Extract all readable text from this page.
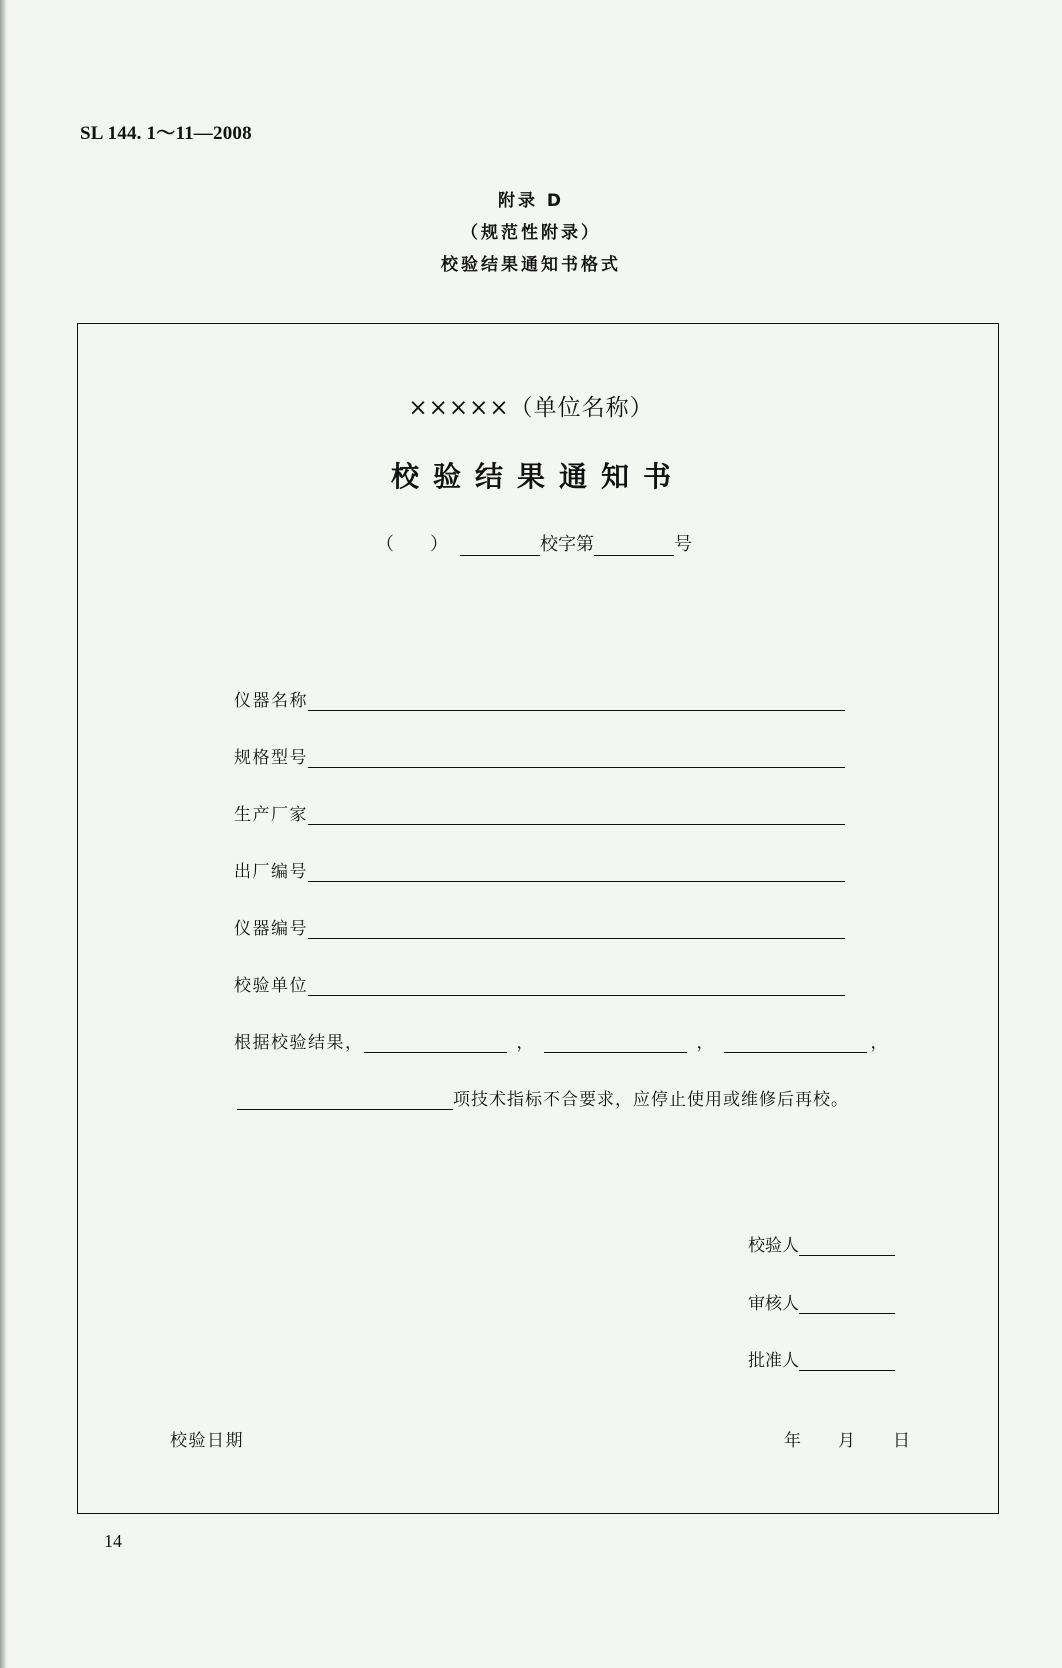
SL 144. 1～11—2008
附录 D
（规范性附录）
校验结果通知书格式
×××××（单位名称）
校验结果通知书
（　　）	校字第	号
仪器名称
规格型号
生产厂家
出厂编号
仪器编号
校验单位
根据校验结果，	，	，	，
项技术指标不合要求，应停止使用或维修后再校。
校验人
审核人
批准人
校验日期	年 月 日
14
